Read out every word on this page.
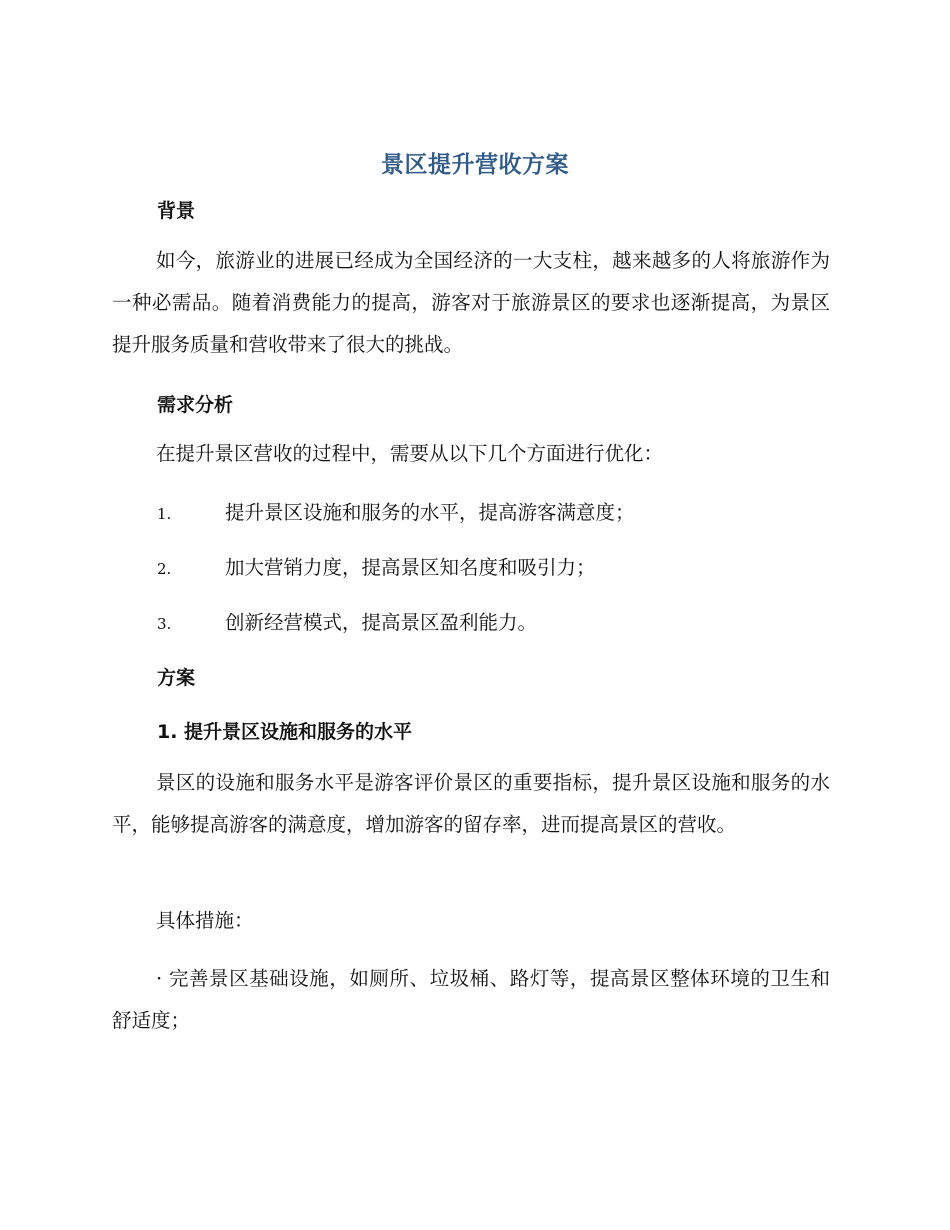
景区提升营收方案
背景
如今，旅游业的进展已经成为全国经济的一大支柱，越来越多的人将旅游作为一种必需品。随着消费能力的提高，游客对于旅游景区的要求也逐渐提高，为景区提升服务质量和营收带来了很大的挑战。
需求分析
在提升景区营收的过程中，需要从以下几个方面进行优化：
1.	提升景区设施和服务的水平，提高游客满意度；
2.	加大营销力度，提高景区知名度和吸引力；
3.	创新经营模式，提高景区盈利能力。
方案
1. 提升景区设施和服务的水平
景区的设施和服务水平是游客评价景区的重要指标，提升景区设施和服务的水平，能够提高游客的满意度，增加游客的留存率，进而提高景区的营收。
具体措施：
· 完善景区基础设施，如厕所、垃圾桶、路灯等，提高景区整体环境的卫生和舒适度；
